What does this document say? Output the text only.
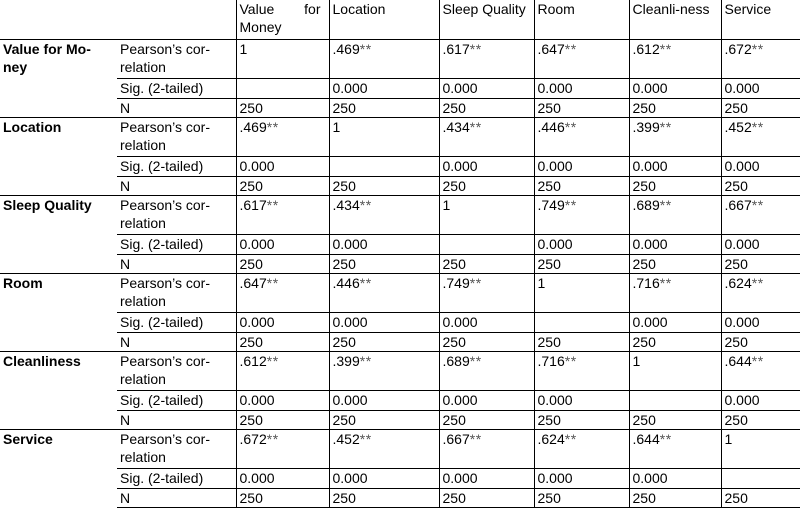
		Value for Money	Location	Sleep Quality	Room	Cleanli-ness	Service
Value for Mo-ney	Pearson’s cor-relation	1	.469**	.617**	.647**	.612**	.672**
	Sig. (2-tailed)		0.000	0.000	0.000	0.000	0.000
	N	250	250	250	250	250	250
Location	Pearson’s cor-relation	.469**	1	.434**	.446**	.399**	.452**
	Sig. (2-tailed)	0.000		0.000	0.000	0.000	0.000
	N	250	250	250	250	250	250
Sleep Quality	Pearson’s cor-relation	.617**	.434**	1	.749**	.689**	.667**
	Sig. (2-tailed)	0.000	0.000		0.000	0.000	0.000
	N	250	250	250	250	250	250
Room	Pearson’s cor-relation	.647**	.446**	.749**	1	.716**	.624**
	Sig. (2-tailed)	0.000	0.000	0.000		0.000	0.000
	N	250	250	250	250	250	250
Cleanliness	Pearson’s cor-relation	.612**	.399**	.689**	.716**	1	.644**
	Sig. (2-tailed)	0.000	0.000	0.000	0.000		0.000
	N	250	250	250	250	250	250
Service	Pearson’s cor-relation	.672**	.452**	.667**	.624**	.644**	1
	Sig. (2-tailed)	0.000	0.000	0.000	0.000	0.000	
	N	250	250	250	250	250	250
